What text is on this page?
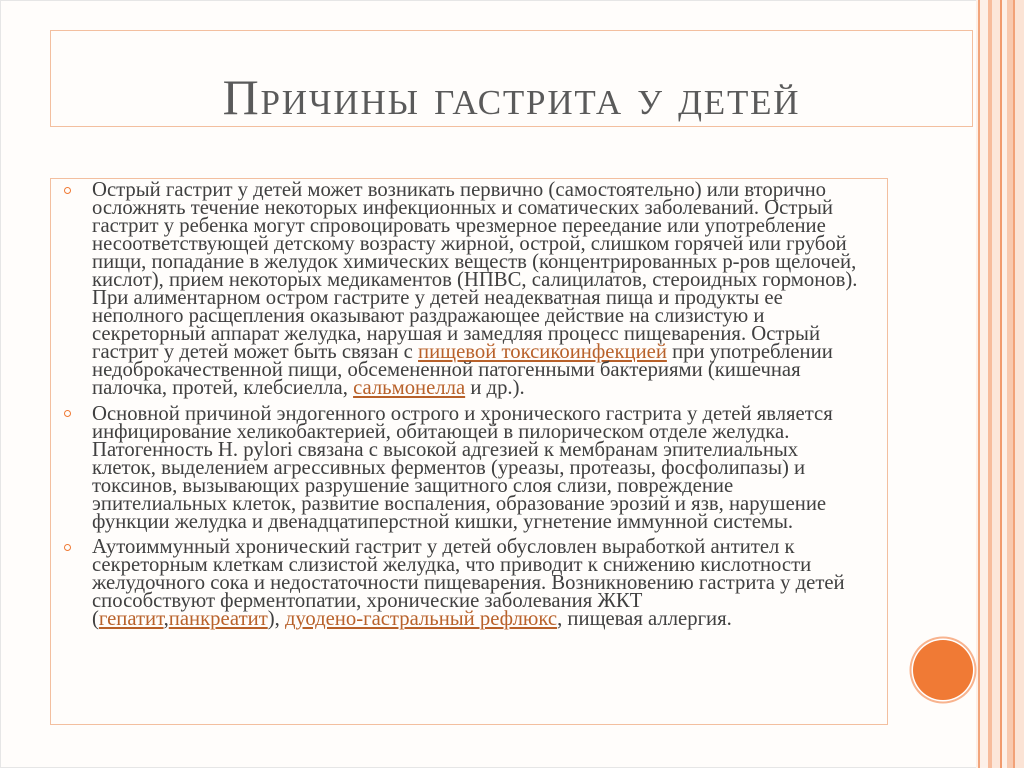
Причины гастрита у детей
Острый гастрит у детей может возникать первично (самостоятельно) или вторично
осложнять течение некоторых инфекционных и соматических заболеваний. Острый
гастрит у ребенка могут спровоцировать чрезмерное переедание или употребление
несоответствующей детскому возрасту жирной, острой, слишком горячей или грубой
пищи, попадание в желудок химических веществ (концентрированных р-ров щелочей,
кислот), прием некоторых медикаментов (НПВС, салицилатов, стероидных гормонов).
При алиментарном остром гастрите у детей неадекватная пища и продукты ее
неполного расщепления оказывают раздражающее действие на слизистую и
секреторный аппарат желудка, нарушая и замедляя процесс пищеварения. Острый
гастрит у детей может быть связан с пищевой токсикоинфекцией при употреблении
недоброкачественной пищи, обсемененной патогенными бактериями (кишечная
палочка, протей, клебсиелла, сальмонелла и др.).
Основной причиной эндогенного острого и хронического гастрита у детей является
инфицирование хеликобактерией, обитающей в пилорическом отделе желудка.
Патогенность H. pylori связана с высокой адгезией к мембранам эпителиальных
клеток, выделением агрессивных ферментов (уреазы, протеазы, фосфолипазы) и
токсинов, вызывающих разрушение защитного слоя слизи, повреждение
эпителиальных клеток, развитие воспаления, образование эрозий и язв, нарушение
функции желудка и двенадцатиперстной кишки, угнетение иммунной системы.
Аутоиммунный хронический гастрит у детей обусловлен выработкой антител к
секреторным клеткам слизистой желудка, что приводит к снижению кислотности
желудочного сока и недостаточности пищеварения. Возникновению гастрита у детей
способствуют ферментопатии, хронические заболевания ЖКТ
(гепатит,панкреатит), дуодено-гастральный рефлюкс, пищевая аллергия.
